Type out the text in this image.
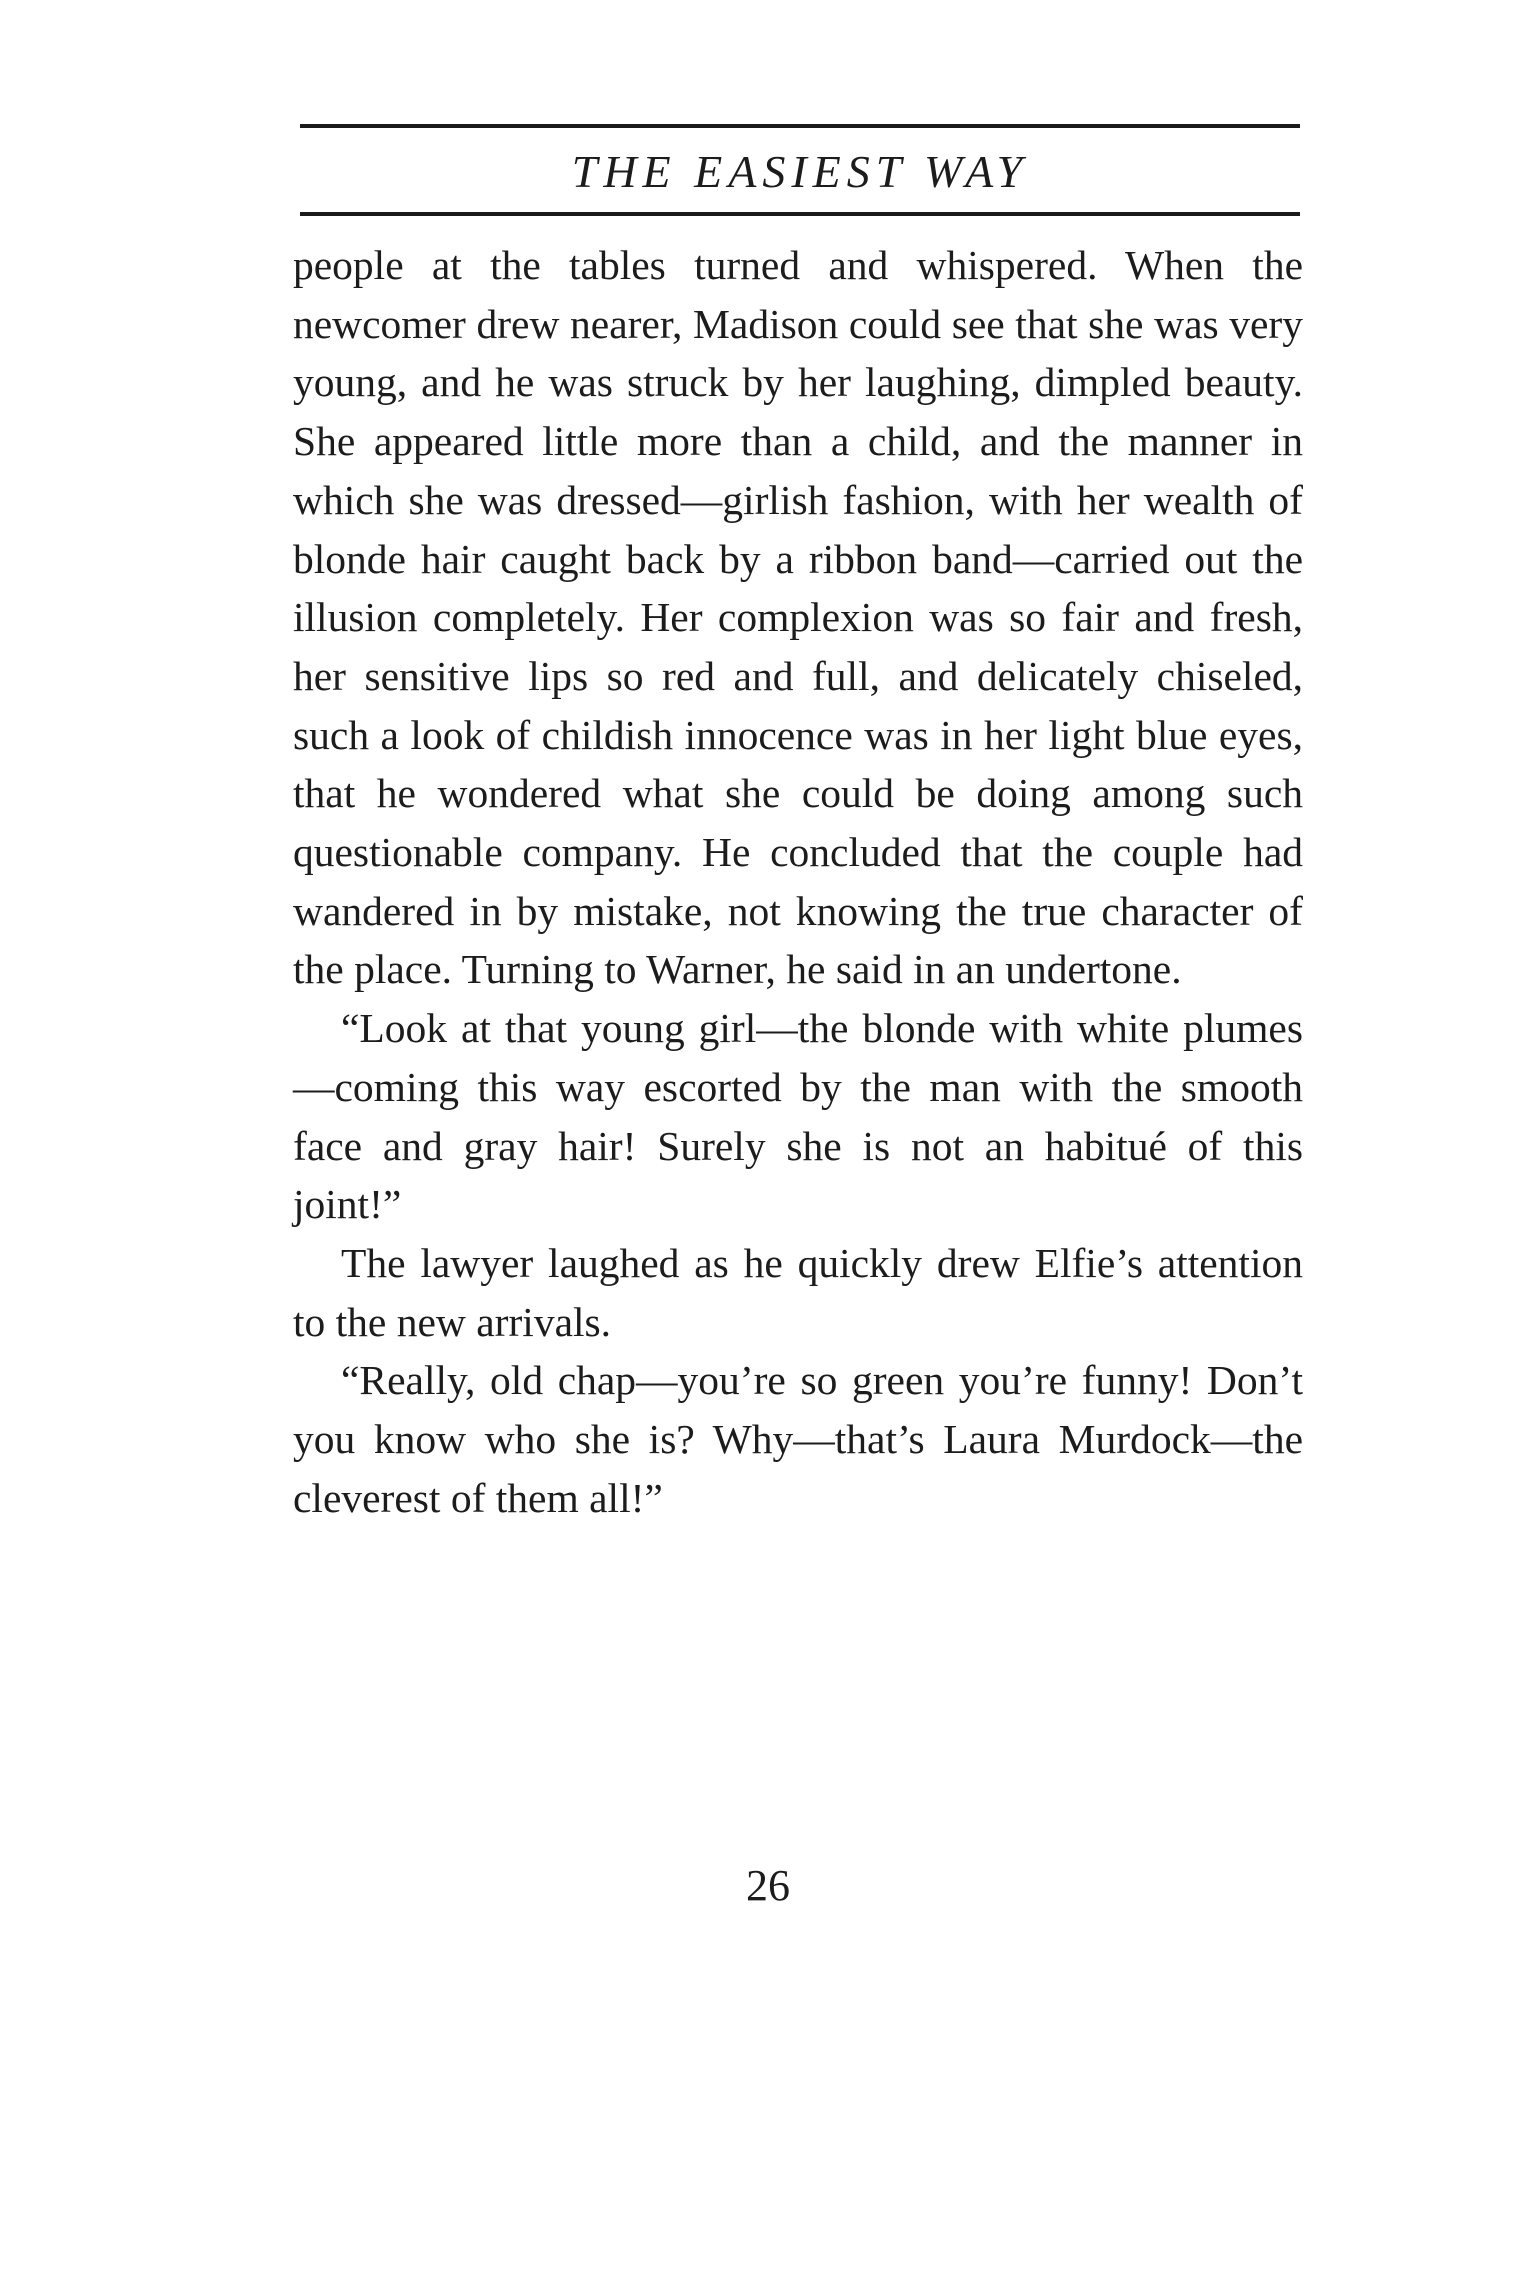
THE EASIEST WAY

people at the tables turned and whispered. When the newcomer drew nearer, Madison could see that she was very young, and he was struck by her laughing, dimpled beauty. She appeared little more than a child, and the manner in which she was dressed—girlish fashion, with her wealth of blonde hair caught back by a ribbon band—carried out the illusion completely. Her complexion was so fair and fresh, her sensitive lips so red and full, and delicately chiseled, such a look of childish innocence was in her light blue eyes, that he wondered what she could be doing among such questionable company. He concluded that the couple had wandered in by mistake, not knowing the true character of the place. Turning to Warner, he said in an undertone.

“Look at that young girl—the blonde with white plumes—coming this way escorted by the man with the smooth face and gray hair! Surely she is not an habitué of this joint!”

The lawyer laughed as he quickly drew Elfie’s attention to the new arrivals.

“Really, old chap—you’re so green you’re funny! Don’t you know who she is? Why—that’s Laura Murdock—the cleverest of them all!”

26
